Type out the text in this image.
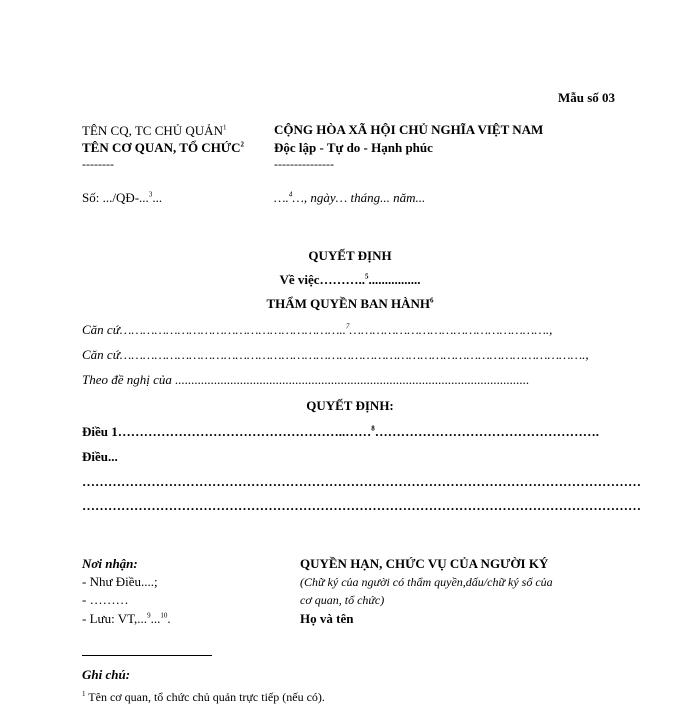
Mẫu số 03
TÊN CQ, TC CHỦ QUẢN$^1$
TÊN CƠ QUAN, TỔ CHỨC$^2$
--------
Số: .../QĐ-...$^3$...
CỘNG HÒA XÃ HỘI CHỦ NGHĨA VIỆT NAM
Độc lập - Tự do - Hạnh phúc
---------------
….$^4$…, ngày… tháng... năm...
QUYẾT ĐỊNH
Về việc………..$^5$................
THẨM QUYỀN BAN HÀNH$^6$
Căn cứ…………………………………………………..$^7$…………………………………………….,
Căn cứ………………………………………………………………………………………………………….,
Theo đề nghị của .............................................................................................................
QUYẾT ĐỊNH:
Điều 1……………………………………………..……$^8$…………………………………………….
Điều...
…………………………………………………………………………………………………………………
…………………………………………………………………………………………………………………
Nơi nhận:
- Như Điều....;
- ………
- Lưu: VT,...$^9$...$^{10}$.
QUYỀN HẠN, CHỨC VỤ CỦA NGƯỜI KÝ
(Chữ ký của người có thẩm quyền,dấu/chữ ký số của
cơ quan, tổ chức)
Họ và tên
Ghi chú:
$^1$ Tên cơ quan, tổ chức chủ quản trực tiếp (nếu có).
